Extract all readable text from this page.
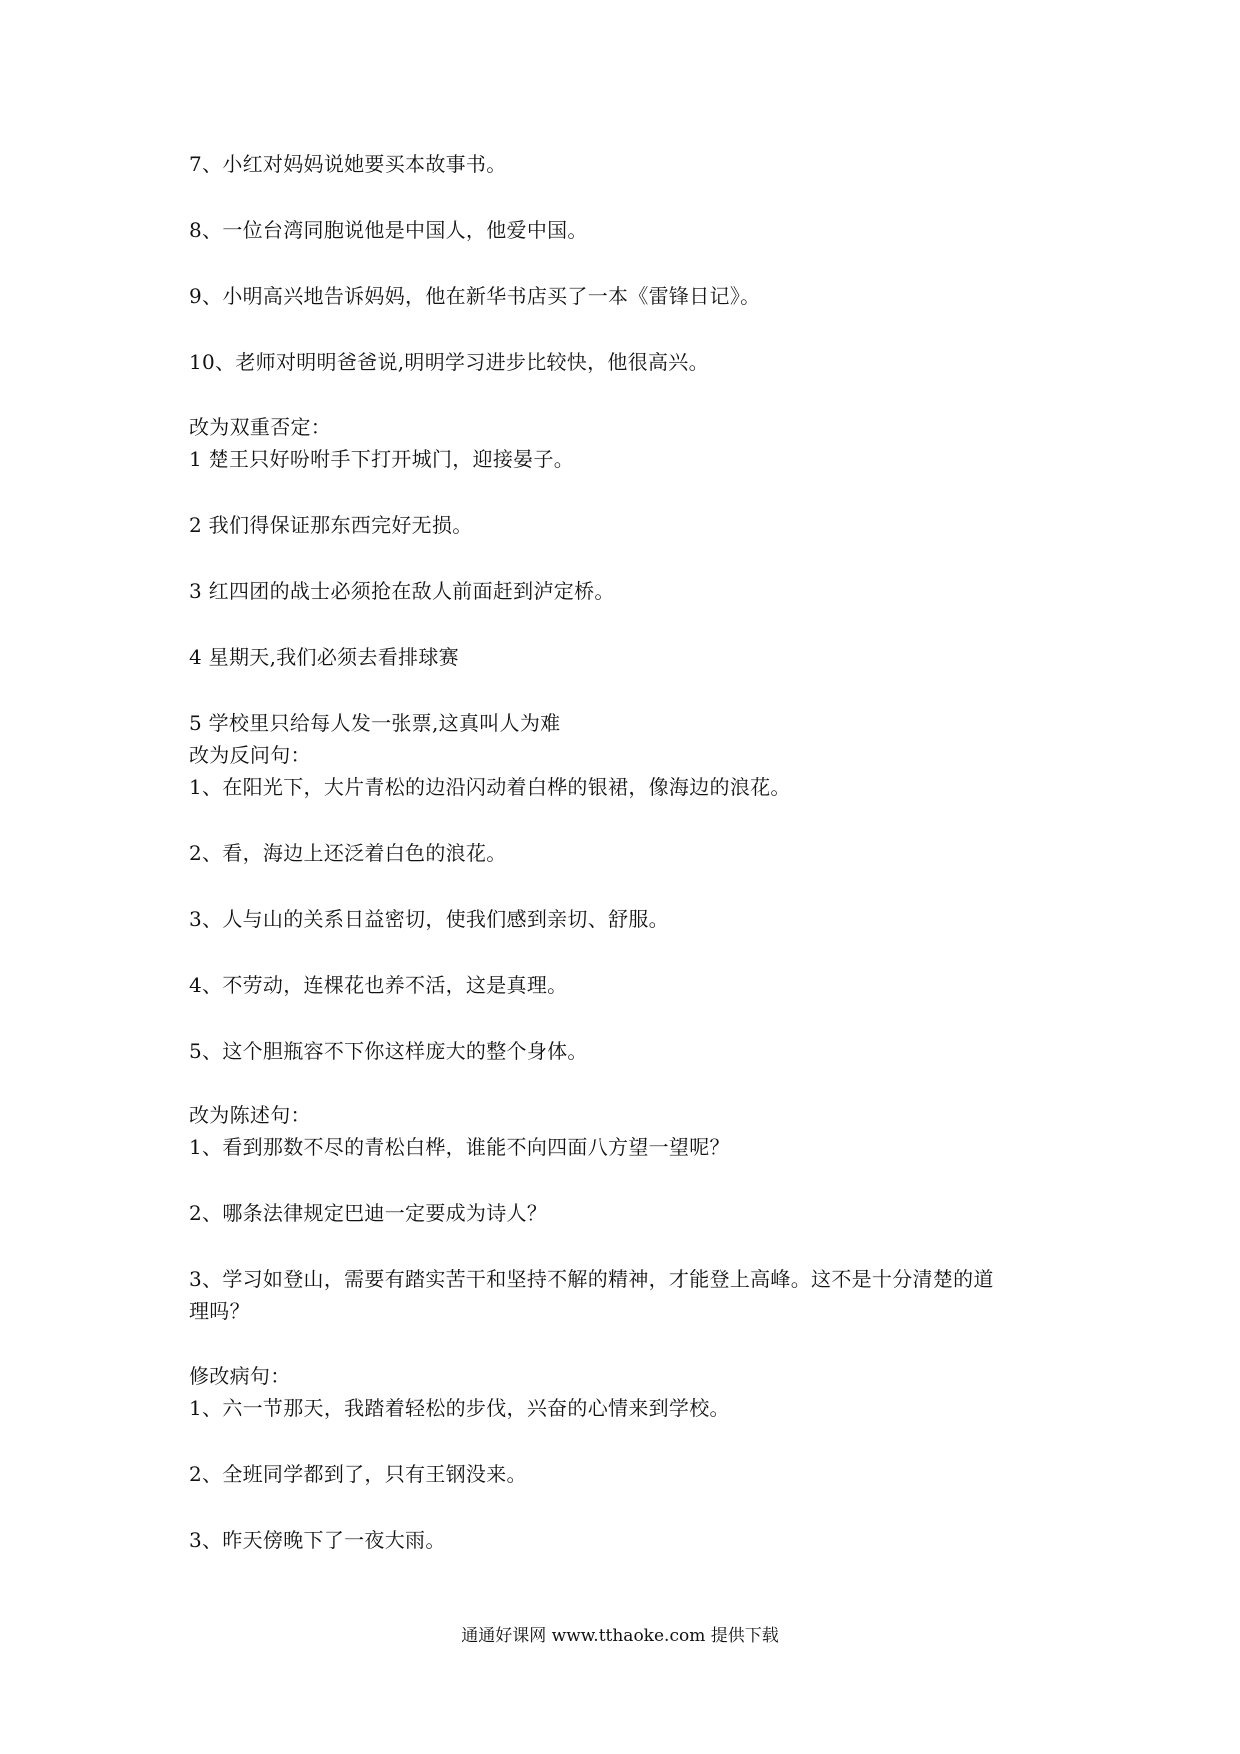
7、小红对妈妈说她要买本故事书。
8、一位台湾同胞说他是中国人，他爱中国。
9、小明高兴地告诉妈妈，他在新华书店买了一本《雷锋日记》。
10、老师对明明爸爸说,明明学习进步比较快，他很高兴。
改为双重否定：
1 楚王只好吩咐手下打开城门，迎接晏子。
2 我们得保证那东西完好无损。
3 红四团的战士必须抢在敌人前面赶到泸定桥。
4 星期天,我们必须去看排球赛
5 学校里只给每人发一张票,这真叫人为难
改为反问句：
1、在阳光下，大片青松的边沿闪动着白桦的银裙，像海边的浪花。
2、看，海边上还泛着白色的浪花。
3、人与山的关系日益密切，使我们感到亲切、舒服。
4、不劳动，连棵花也养不活，这是真理。
5、这个胆瓶容不下你这样庞大的整个身体。
改为陈述句：
1、看到那数不尽的青松白桦，谁能不向四面八方望一望呢？
2、哪条法律规定巴迪一定要成为诗人？
3、学习如登山，需要有踏实苦干和坚持不解的精神，才能登上高峰。这不是十分清楚的道
理吗？
修改病句：
1、六一节那天，我踏着轻松的步伐，兴奋的心情来到学校。
2、全班同学都到了，只有王钢没来。
3、昨天傍晚下了一夜大雨。
通通好课网 www.tthaoke.com 提供下载
